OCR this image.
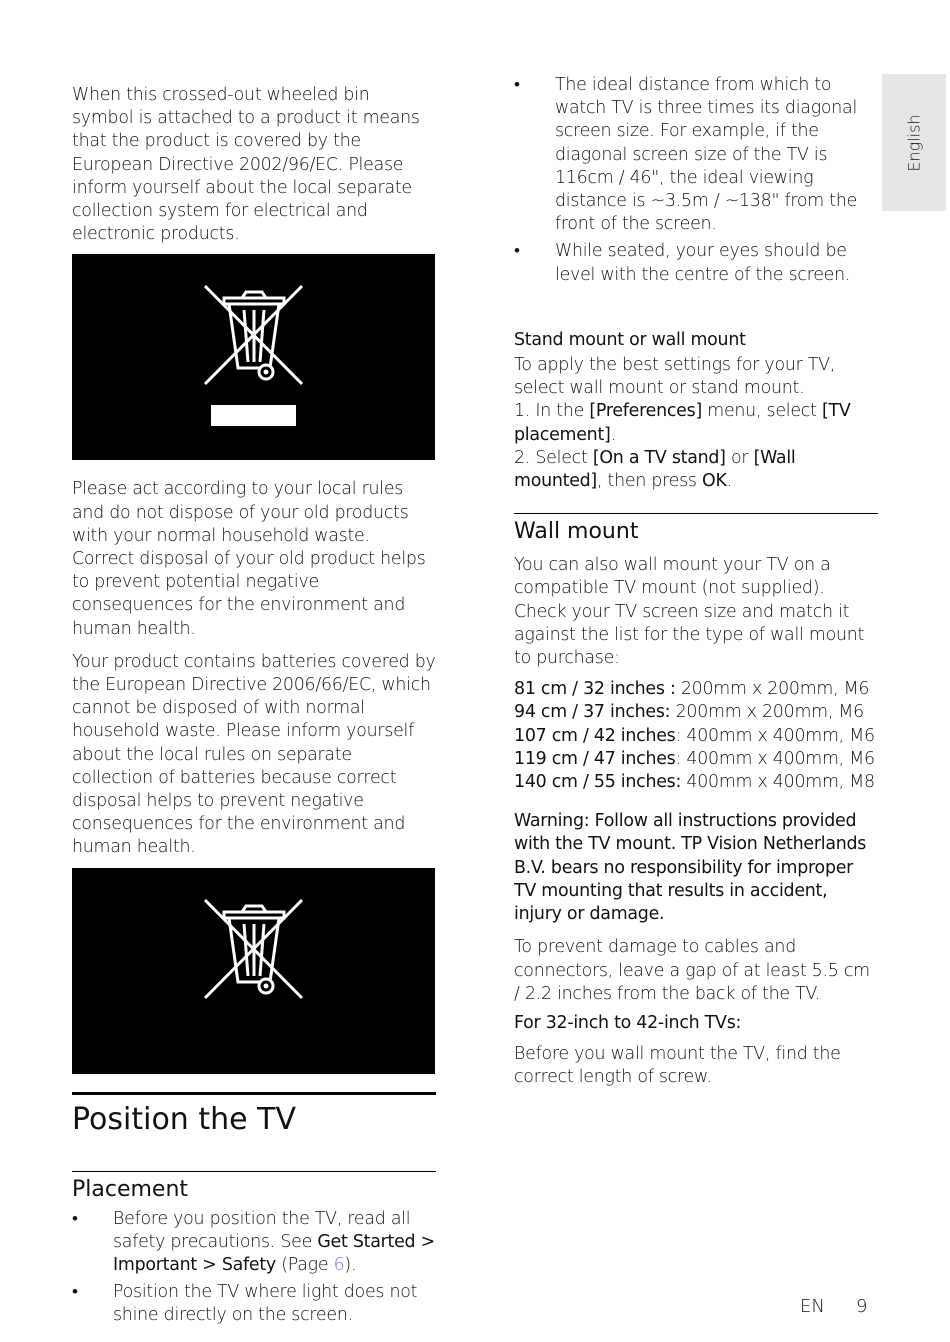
English

When this crossed-out wheeled bin symbol is attached to a product it means that the product is covered by the European Directive 2002/96/EC. Please inform yourself about the local separate collection system for electrical and electronic products.

Please act according to your local rules and do not dispose of your old products with your normal household waste. Correct disposal of your old product helps to prevent potential negative consequences for the environment and human health.

Your product contains batteries covered by the European Directive 2006/66/EC, which cannot be disposed of with normal household waste. Please inform yourself about the local rules on separate collection of batteries because correct disposal helps to prevent negative consequences for the environment and human health.

Position the TV
Placement
• Before you position the TV, read all safety precautions. See Get Started > Important > Safety (Page 6).
• Position the TV where light does not shine directly on the screen.
• The ideal distance from which to watch TV is three times its diagonal screen size. For example, if the diagonal screen size of the TV is 116cm / 46", the ideal viewing distance is ~3.5m / ~138" from the front of the screen.
• While seated, your eyes should be level with the centre of the screen.

Stand mount or wall mount

To apply the best settings for your TV, select wall mount or stand mount.

1. In the [Preferences] menu, select [TV placement].

2. Select [On a TV stand] or [Wall mounted], then press OK.

Wall mount

You can also wall mount your TV on a compatible TV mount (not supplied). Check your TV screen size and match it against the list for the type of wall mount to purchase:

81 cm / 32 inches : 200mm x 200mm, M6

94 cm / 37 inches: 200mm x 200mm, M6

107 cm / 42 inches: 400mm x 400mm, M6

119 cm / 47 inches: 400mm x 400mm, M6

140 cm / 55 inches: 400mm x 400mm, M8

Warning: Follow all instructions provided with the TV mount. TP Vision Netherlands B.V. bears no responsibility for improper TV mounting that results in accident, injury or damage.

To prevent damage to cables and connectors, leave a gap of at least 5.5 cm / 2.2 inches from the back of the TV.

For 32-inch to 42-inch TVs:

Before you wall mount the TV, find the correct length of screw.

EN 9
